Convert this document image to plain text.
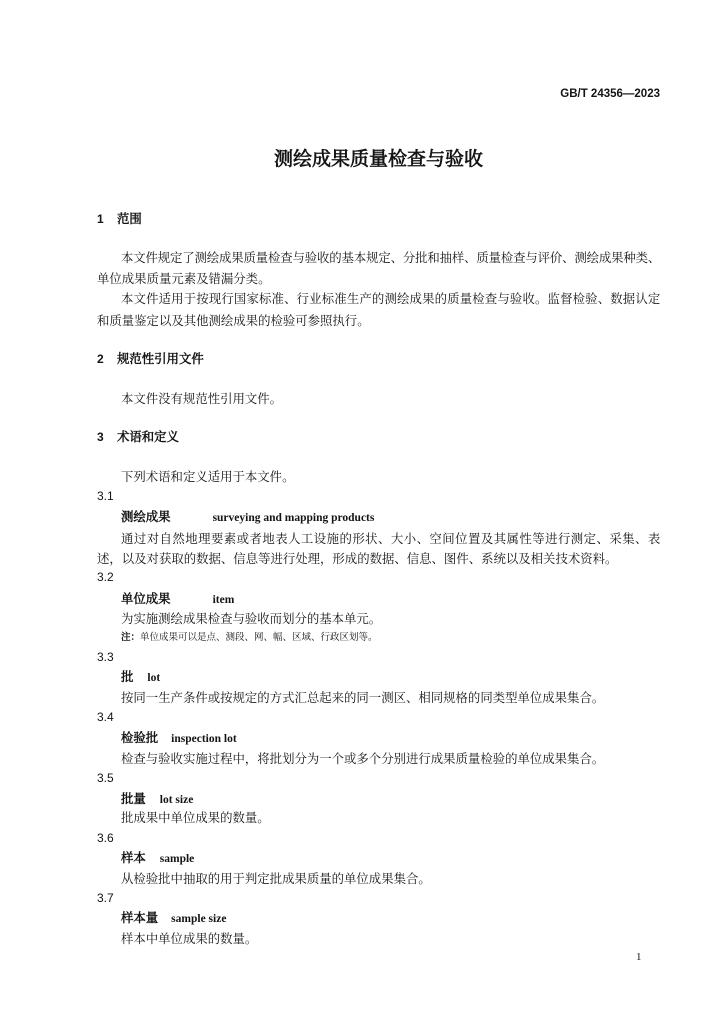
GB/T 24356—2023
测绘成果质量检查与验收
1 范围
本文件规定了测绘成果质量检查与验收的基本规定、分批和抽样、质量检查与评价、测绘成果种类、
单位成果质量元素及错漏分类。
本文件适用于按现行国家标准、行业标准生产的测绘成果的质量检查与验收。监督检验、数据认定
和质量鉴定以及其他测绘成果的检验可参照执行。
2 规范性引用文件
本文件没有规范性引用文件。
3 术语和定义
下列术语和定义适用于本文件。
3.1
测绘成果	surveying and mapping products
通过对自然地理要素或者地表人工设施的形状、大小、空间位置及其属性等进行测定、采集、表
述，以及对获取的数据、信息等进行处理，形成的数据、信息、图件、系统以及相关技术资料。
3.2
单位成果	item
为实施测绘成果检查与验收而划分的基本单元。
注：单位成果可以是点、测段、网、幅、区域、行政区划等。
3.3
批 lot
按同一生产条件或按规定的方式汇总起来的同一测区、相同规格的同类型单位成果集合。
3.4
检验批 inspection lot
检查与验收实施过程中，将批划分为一个或多个分别进行成果质量检验的单位成果集合。
3.5
批量 lot size
批成果中单位成果的数量。
3.6
样本 sample
从检验批中抽取的用于判定批成果质量的单位成果集合。
3.7
样本量 sample size
样本中单位成果的数量。
1
